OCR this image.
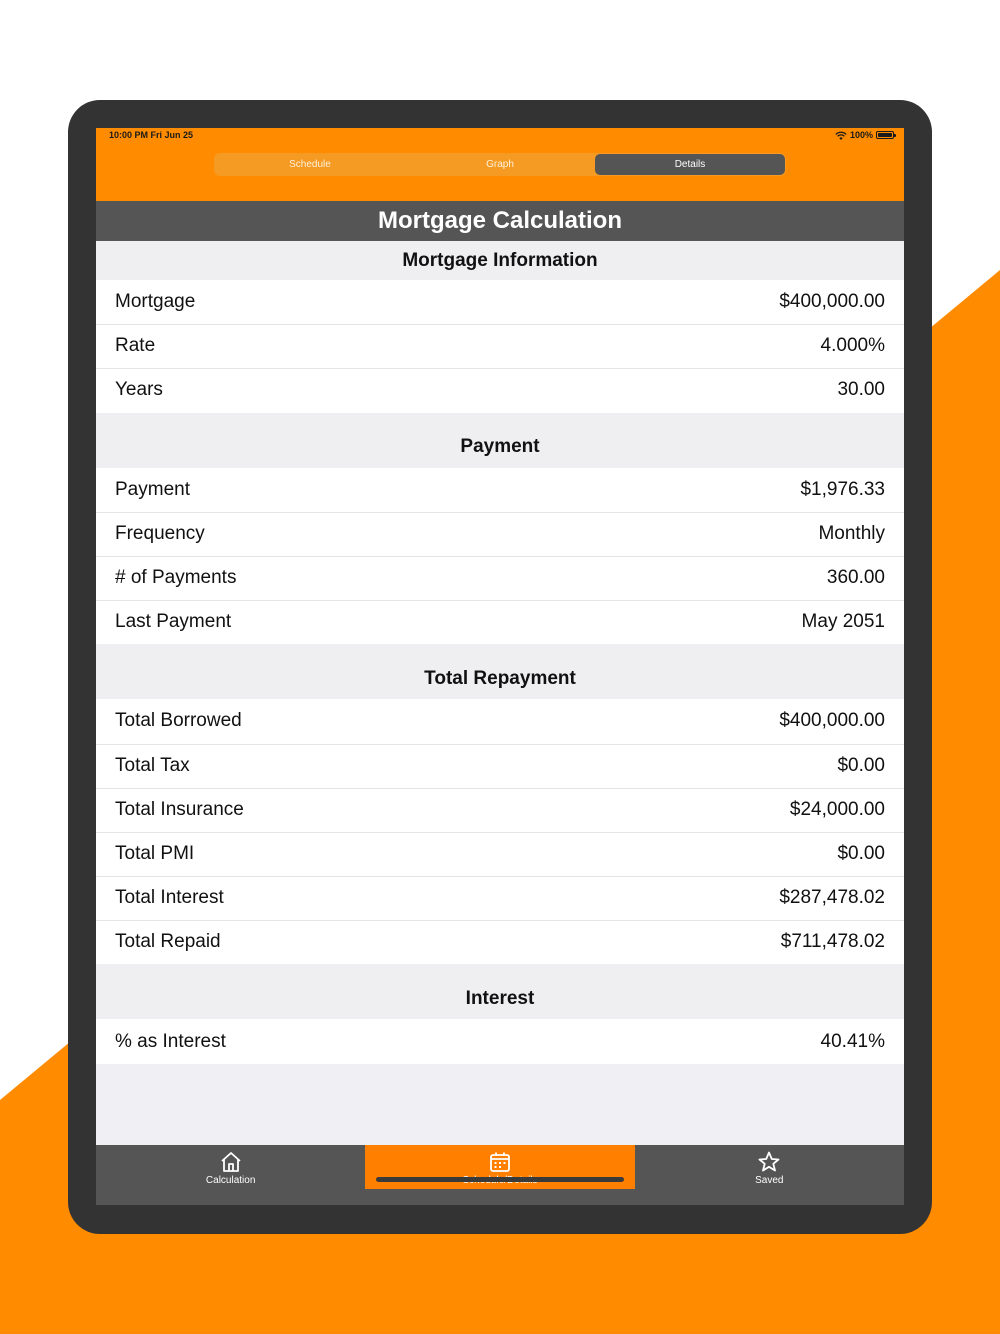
10:00 PM Fri Jun 25	100%
Schedule	Graph	Details
Mortgage Calculation
Mortgage Information
Mortgage	$400,000.00
Rate	4.000%
Years	30.00
Payment
Payment	$1,976.33
Frequency	Monthly
# of Payments	360.00
Last Payment	May 2051
Total Repayment
Total Borrowed	$400,000.00
Total Tax	$0.00
Total Insurance	$24,000.00
Total PMI	$0.00
Total Interest	$287,478.02
Total Repaid	$711,478.02
Interest
% as Interest	40.41%
Calculation	Saved
